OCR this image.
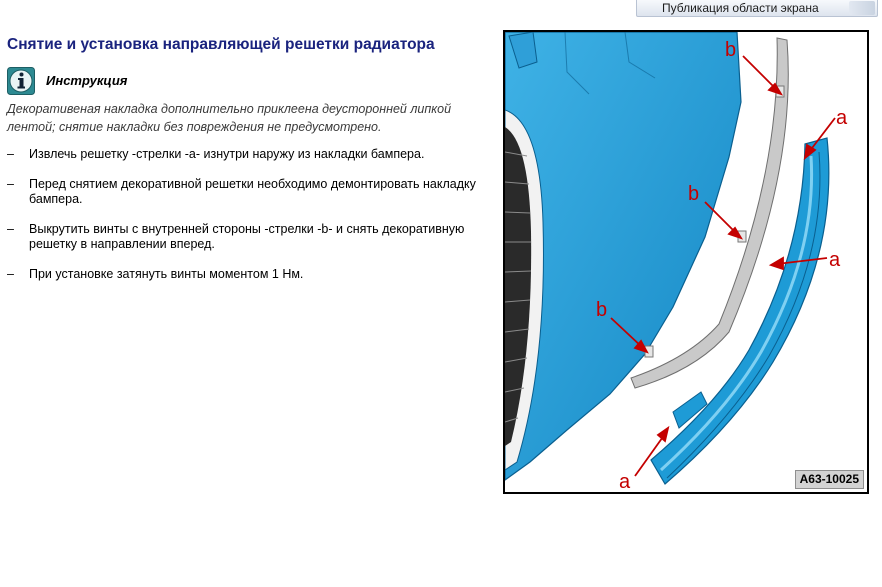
Публикация области экрана
Снятие и установка направляющей решетки радиатора
Инструкция

Декоративеная накладка дополнительно приклеена деусторонней липкой лентой; снятие накладки без повреждения не предусмотрено.

– Извлечь решетку -стрелки -a- изнутри наружу из накладки бампера.
– Перед снятием декоративной решетки необходимо демонтировать накладку бампера.
– Выкрутить винты с внутренней стороны -стрелки -b- и снять декоративную решетку в направлении вперед.
– При установке затянуть винты моментом 1 Нм.
b
a
b
a
b
a	A63-10025
